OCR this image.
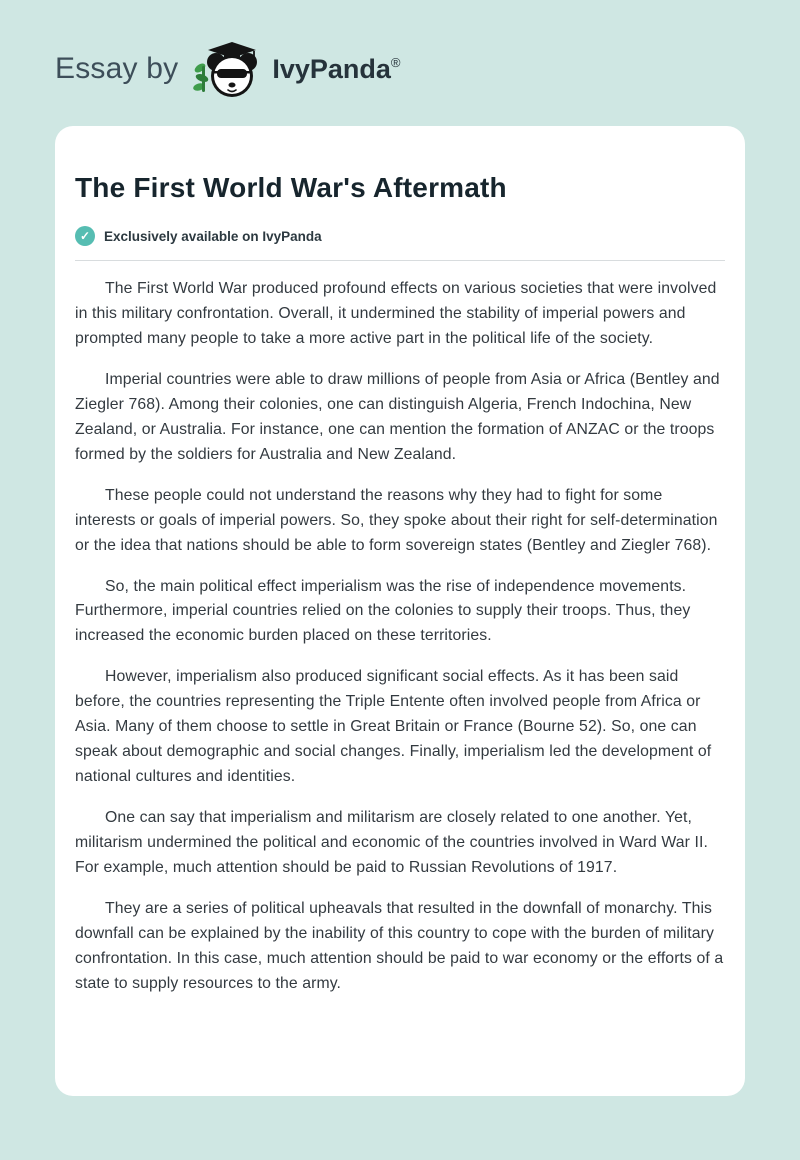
Essay by	IvyPanda ®
The First World War's Aftermath
✓	Exclusively available on IvyPanda

The First World War produced profound effects on various societies that were involved in this military confrontation. Overall, it undermined the stability of imperial powers and prompted many people to take a more active part in the political life of the society.

Imperial countries were able to draw millions of people from Asia or Africa (Bentley and Ziegler 768). Among their colonies, one can distinguish Algeria, French Indochina, New Zealand, or Australia. For instance, one can mention the formation of ANZAC or the troops formed by the soldiers for Australia and New Zealand.

These people could not understand the reasons why they had to fight for some interests or goals of imperial powers. So, they spoke about their right for self-determination or the idea that nations should be able to form sovereign states (Bentley and Ziegler 768).

So, the main political effect imperialism was the rise of independence movements. Furthermore, imperial countries relied on the colonies to supply their troops. Thus, they increased the economic burden placed on these territories.

However, imperialism also produced significant social effects. As it has been said before, the countries representing the Triple Entente often involved people from Africa or Asia. Many of them choose to settle in Great Britain or France (Bourne 52). So, one can speak about demographic and social changes. Finally, imperialism led the development of national cultures and identities.

One can say that imperialism and militarism are closely related to one another. Yet, militarism undermined the political and economic of the countries involved in Ward War II. For example, much attention should be paid to Russian Revolutions of 1917.

They are a series of political upheavals that resulted in the downfall of monarchy. This downfall can be explained by the inability of this country to cope with the burden of military confrontation. In this case, much attention should be paid to war economy or the efforts of a state to supply resources to the army.
